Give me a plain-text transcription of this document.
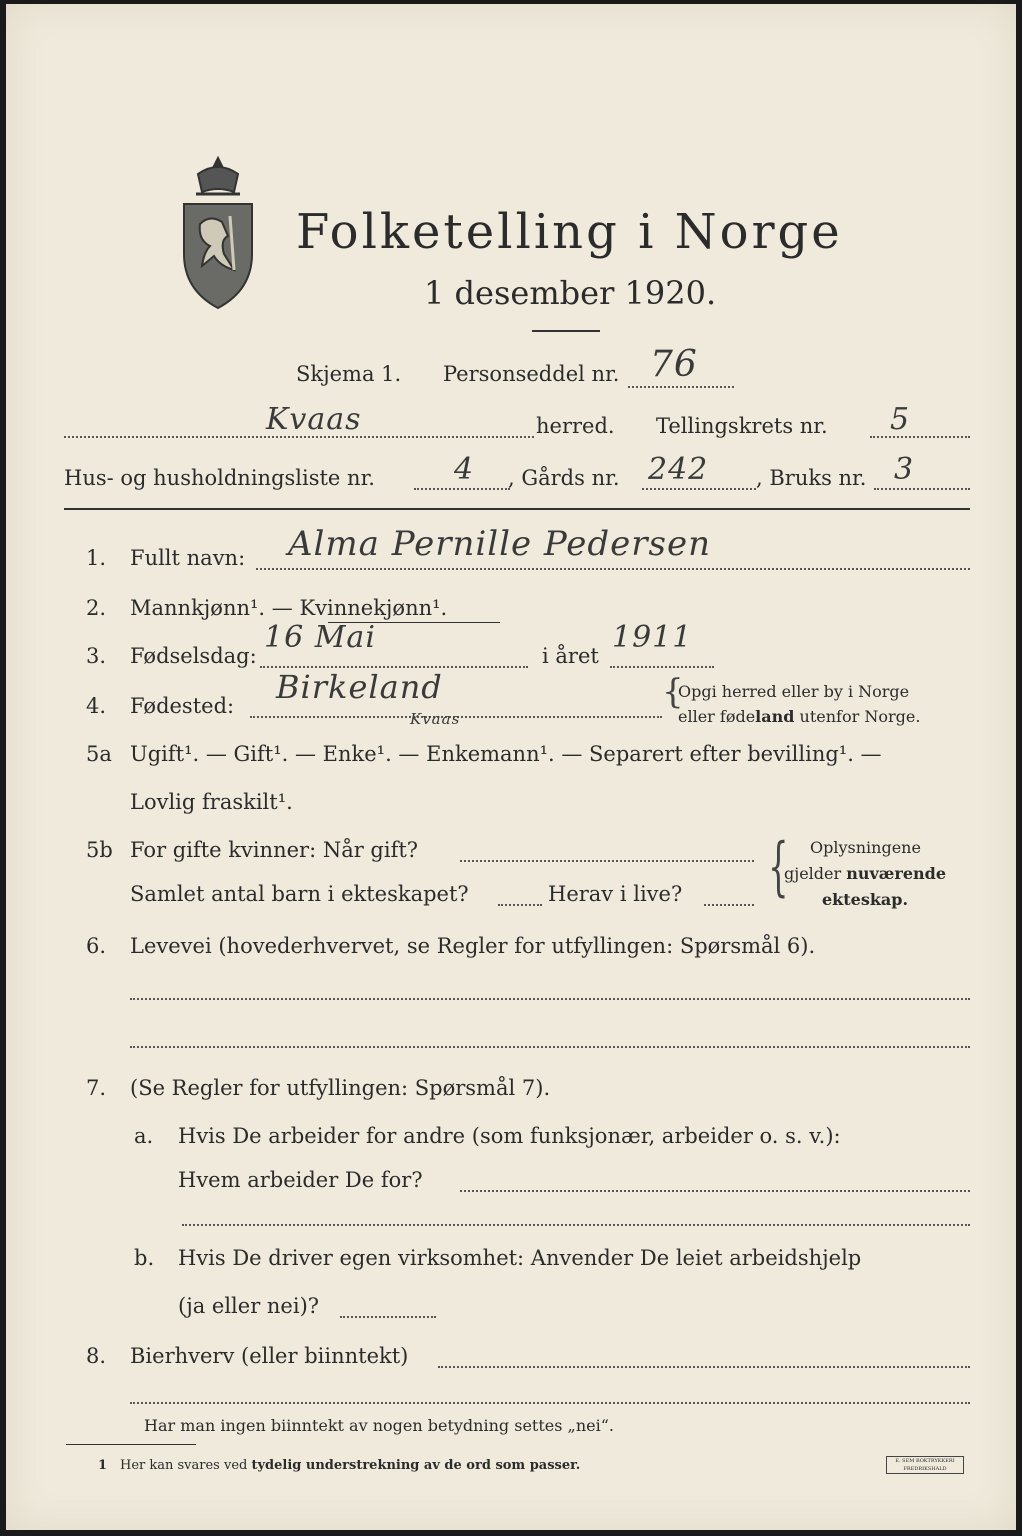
Folketelling i Norge
1 desember 1920.
Skjema 1. Personseddel nr. 76
Kvaas	herred. Tellingskrets nr. 5
Hus- og husholdningsliste nr.	4 , Gårds nr. 242 , Bruks nr. 3
1. Fullt navn: Alma Pernille Pedersen
2. Mannkjønn¹. — Kvinnekjønn¹.
3. Fødselsdag:
16 Mai
i året
1911
4. Fødested: Birkeland
Kvaas
{
Opgi herred eller by i Norge
eller fødeland utenfor Norge.
5a Ugift¹. — Gift¹. — Enke¹. — Enkemann¹. — Separert efter bevilling¹. —
Lovlig fraskilt¹.
5b For gifte kvinner: Når gift?
Samlet antal barn i ekteskapet?	Herav i live? { Oplysningene
gjelder nuværende
ekteskap.
6. Levevei (hovederhvervet, se Regler for utfyllingen: Spørsmål 6).
7. (Se Regler for utfyllingen: Spørsmål 7).
a. Hvis De arbeider for andre (som funksjonær, arbeider o. s. v.):
Hvem arbeider De for?
b. Hvis De driver egen virksomhet: Anvender De leiet arbeidshjelp
(ja eller nei)?
8. Bierhverv (eller biinntekt)
Har man ingen biinntekt av nogen betydning settes „nei“.
1 Her kan svares ved tydelig understrekning av de ord som passer.	E. SEM BOKTRYKKERI FREDRIKSHALD
